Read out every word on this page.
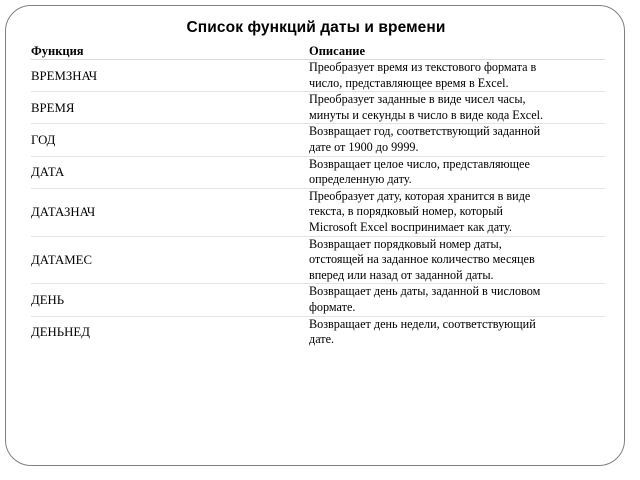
Список функций даты и времени
Функция	Описание
ВРЕМЗНАЧ	Преобразует время из текстового формата в
число, представляющее время в Excel.

ВРЕМЯ	Преобразует заданные в виде чисел часы,
минуты и секунды в число в виде кода Excel.

ГОД	Возвращает год, соответствующий заданной
дате от 1900 до 9999.

ДАТА	Возвращает целое число, представляющее
определенную дату.

ДАТАЗНАЧ	Преобразует дату, которая хранится в виде
текста, в порядковый номер, который
Microsoft Excel воспринимает как дату.

ДАТАМЕС	Возвращает порядковый номер даты,
отстоящей на заданное количество месяцев
вперед или назад от заданной даты.

ДЕНЬ	Возвращает день даты, заданной в числовом
формате.

ДЕНЬНЕД	Возвращает день недели, соответствующий
дате.
